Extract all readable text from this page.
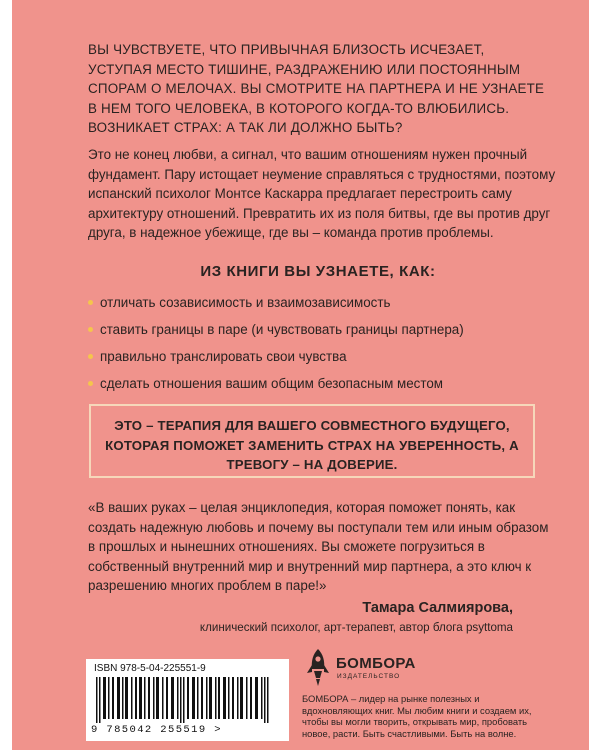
ВЫ ЧУВСТВУЕТЕ, ЧТО ПРИВЫЧНАЯ БЛИЗОСТЬ ИСЧЕЗАЕТ, УСТУПАЯ МЕСТО ТИШИНЕ, РАЗДРАЖЕНИЮ ИЛИ ПОСТОЯННЫМ СПОРАМ О МЕЛОЧАХ. ВЫ СМОТРИТЕ НА ПАРТНЕРА И НЕ УЗНАЕТЕ В НЕМ ТОГО ЧЕЛОВЕКА, В КОТОРОГО КОГДА-ТО ВЛЮБИЛИСЬ. ВОЗНИКАЕТ СТРАХ: А ТАК ЛИ ДОЛЖНО БЫТЬ?

Это не конец любви, а сигнал, что вашим отношениям нужен прочный фундамент. Пару истощает неумение справляться с трудностями, поэтому испанский психолог Монтсе Каскарра предлагает перестроить саму архитектуру отношений. Превратить их из поля битвы, где вы против друг друга, в надежное убежище, где вы – команда против проблемы.

ИЗ КНИГИ ВЫ УЗНАЕТЕ, КАК:

отличать созависимость и взаимозависимость
ставить границы в паре (и чувствовать границы партнера)
правильно транслировать свои чувства
сделать отношения вашим общим безопасным местом

ЭТО – ТЕРАПИЯ ДЛЯ ВАШЕГО СОВМЕСТНОГО БУДУЩЕГО, КОТОРАЯ ПОМОЖЕТ ЗАМЕНИТЬ СТРАХ НА УВЕРЕННОСТЬ, А ТРЕВОГУ – НА ДОВЕРИЕ.

«В ваших руках – целая энциклопедия, которая поможет понять, как создать надежную любовь и почему вы поступали тем или иным образом в прошлых и нынешних отношениях. Вы сможете погрузиться в собственный внутренний мир и внутренний мир партнера, а это ключ к разрешению многих проблем в паре!»

Тамара Салмиярова,

клинический психолог, арт-терапевт, автор блога psyttoma

ISBN 978-5-04-225551-9
9 785042 255519 >
БОМБОРА
ИЗДАТЕЛЬСТВО

БОМБОРА – лидер на рынке полезных и вдохновляющих книг. Мы любим книги и создаем их, чтобы вы могли творить, открывать мир, пробовать новое, расти. Быть счастливыми. Быть на волне.
